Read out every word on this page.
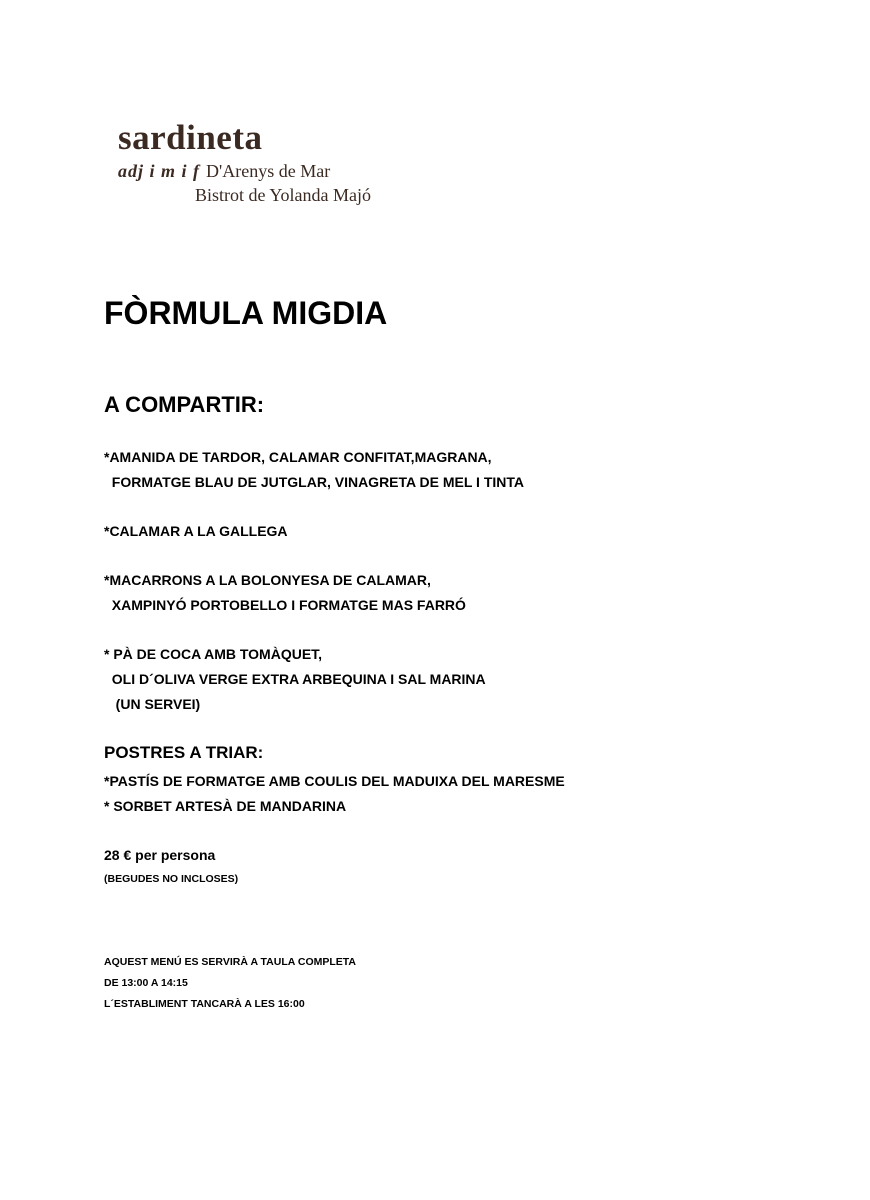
sardineta
adj i m i f D'Arenys de Mar
Bistrot de Yolanda Majó
FÒRMULA MIGDIA
A COMPARTIR:

*AMANIDA DE TARDOR, CALAMAR CONFITAT,MAGRANA,

FORMATGE BLAU DE JUTGLAR, VINAGRETA DE MEL I TINTA

*CALAMAR A LA GALLEGA

*MACARRONS A LA BOLONYESA DE CALAMAR,

XAMPINYÓ PORTOBELLO I FORMATGE MAS FARRÓ

* PÀ DE COCA AMB TOMÀQUET,

OLI D´OLIVA VERGE EXTRA ARBEQUINA I SAL MARINA

(UN SERVEI)

POSTRES A TRIAR:

*PASTÍS DE FORMATGE AMB COULIS DEL MADUIXA DEL MARESME

* SORBET ARTESÀ DE MANDARINA

28 € per persona
(BEGUDES NO INCLOSES)
AQUEST MENÚ ES SERVIRÀ A TAULA COMPLETA
DE 13:00 A 14:15
L´ESTABLIMENT TANCARÀ A LES 16:00
